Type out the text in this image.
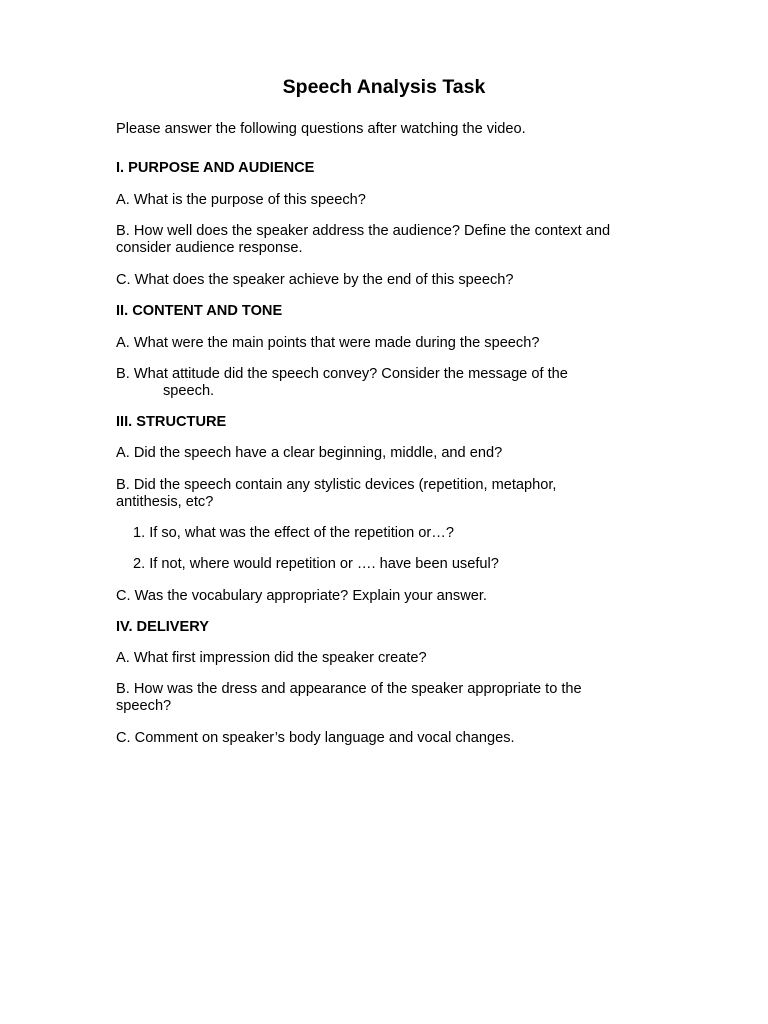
Speech Analysis Task
Please answer the following questions after watching the video.
I. PURPOSE AND AUDIENCE
A. What is the purpose of this speech?
B. How well does the speaker address the audience? Define the context and
consider audience response.
C. What does the speaker achieve by the end of this speech?
II. CONTENT AND TONE
A. What were the main points that were made during the speech?
B. What attitude did the speech convey? Consider the message of the
speech.
III. STRUCTURE
A. Did the speech have a clear beginning, middle, and end?
B. Did the speech contain any stylistic devices (repetition, metaphor,
antithesis, etc?
1. If so, what was the effect of the repetition or…?
2. If not, where would repetition or …. have been useful?
C. Was the vocabulary appropriate? Explain your answer.
IV. DELIVERY
A. What first impression did the speaker create?
B. How was the dress and appearance of the speaker appropriate to the
speech?
C. Comment on speaker’s body language and vocal changes.
